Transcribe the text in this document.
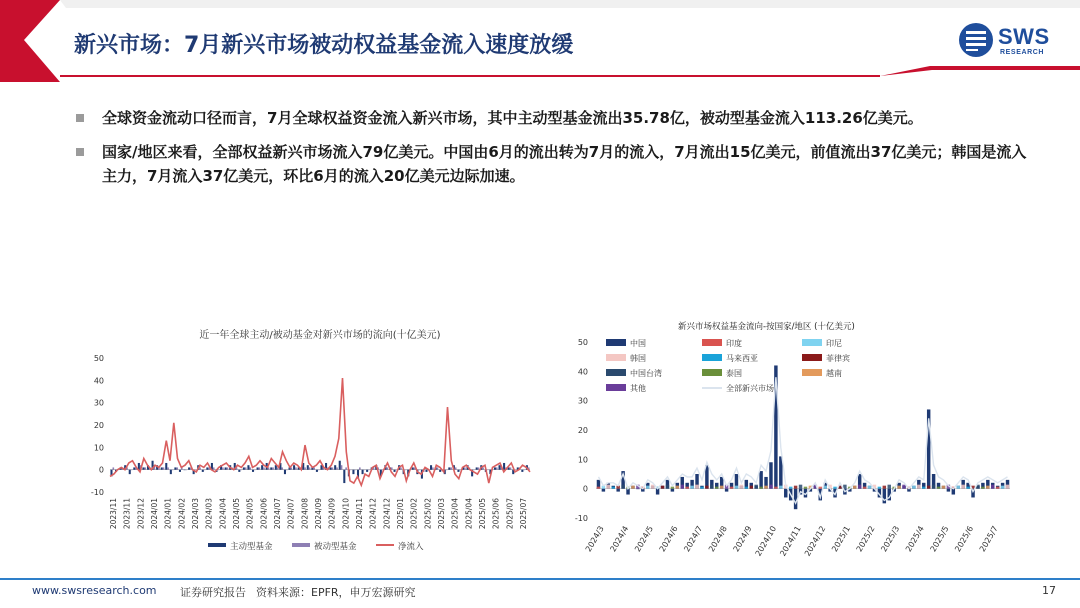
新兴市场：7月新兴市场被动权益基金流入速度放缓	SWS
RESEARCH
全球资金流动口径而言，7月全球权益资金流入新兴市场，其中主动型基金流出35.78亿，被动型基金流入113.26亿美元。
国家/地区来看，全部权益新兴市场流入79亿美元。中国由6月的流出转为7月的流入，7月流出15亿美元，前值流出37亿美元；韩国是流入主力，7月流入37亿美元，环比6月的流入20亿美元边际加速。
近一年全球主动/被动基金对新兴市场的流向(十亿美元)
-10
0
10
20
30
40
50
2023/11 2023/11 2023/12 2024/01 2024/01 2024/02 2024/03 2024/03 2024/04 2024/05 2024/05 2024/06 2024/07 2024/07 2024/08 2024/09 2024/09 2024/10 2024/11 2024/12 2024/12 2025/01 2025/02 2025/02 2025/03 2025/04 2025/04 2025/05 2025/06 2025/07 2025/07
主动型基金	被动型基金	净流入
新兴市场权益基金流向-按国家/地区 (十亿美元)
-10
0
10
20
30
40
50
2024/3 2024/4 2024/5 2024/6 2024/7 2024/8 2024/9 2024/10 2024/11 2024/12 2025/1 2025/2 2025/3 2025/4 2025/5 2025/6 2025/7
中国	印度	印尼
韩国	马来西亚	菲律宾
中国台湾	泰国	越南
其他	全部新兴市场
www.swsresearch.com 证券研究报告 资料来源：EPFR，申万宏源研究	17
